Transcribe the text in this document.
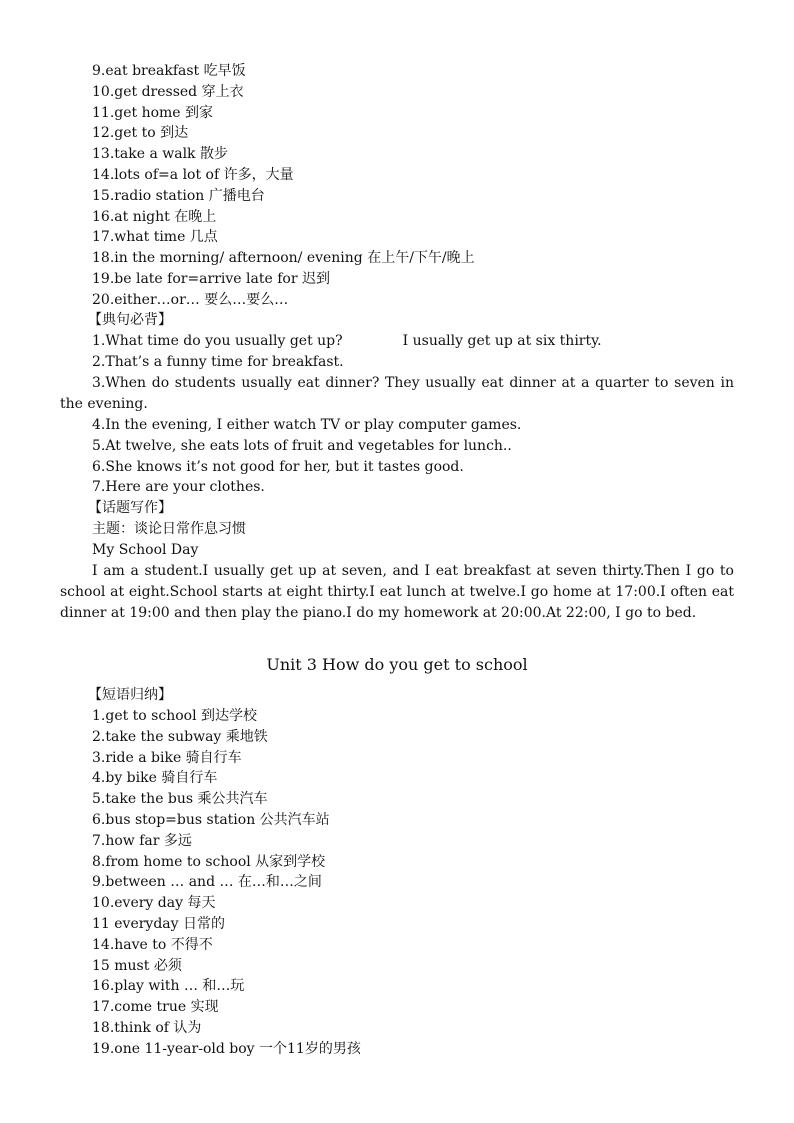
9.eat breakfast 吃早饭
10.get dressed 穿上衣
11.get home 到家
12.get to 到达
13.take a walk 散步
14.lots of=a lot of 许多，大量
15.radio station 广播电台
16.at night 在晚上
17.what time 几点
18.in the morning/ afternoon/ evening 在上午/下午/晚上
19.be late for=arrive late for 迟到
20.either…or… 要么…要么…
【典句必背】
1.What time do you usually get up?	I usually get up at six thirty.
2.That’s a funny time for breakfast.
3.When do students usually eat dinner? They usually eat dinner at a quarter to seven in the evening.
4.In the evening, I either watch TV or play computer games.
5.At twelve, she eats lots of fruit and vegetables for lunch..
6.She knows it’s not good for her, but it tastes good.
7.Here are your clothes.
【话题写作】
主题：谈论日常作息习惯
My School Day
I am a student.I usually get up at seven, and I eat breakfast at seven thirty.Then I go to school at eight.School starts at eight thirty.I eat lunch at twelve.I go home at 17:00.I often eat dinner at 19:00 and then play the piano.I do my homework at 20:00.At 22:00, I go to bed.
Unit 3 How do you get to school
【短语归纳】
1.get to school 到达学校
2.take the subway 乘地铁
3.ride a bike 骑自行车
4.by bike 骑自行车
5.take the bus 乘公共汽车
6.bus stop=bus station 公共汽车站
7.how far 多远
8.from home to school 从家到学校
9.between … and … 在…和…之间
10.every day 每天
11 everyday 日常的
14.have to 不得不
15 must 必须
16.play with … 和…玩
17.come true 实现
18.think of 认为
19.one 11-year-old boy 一个11岁的男孩
